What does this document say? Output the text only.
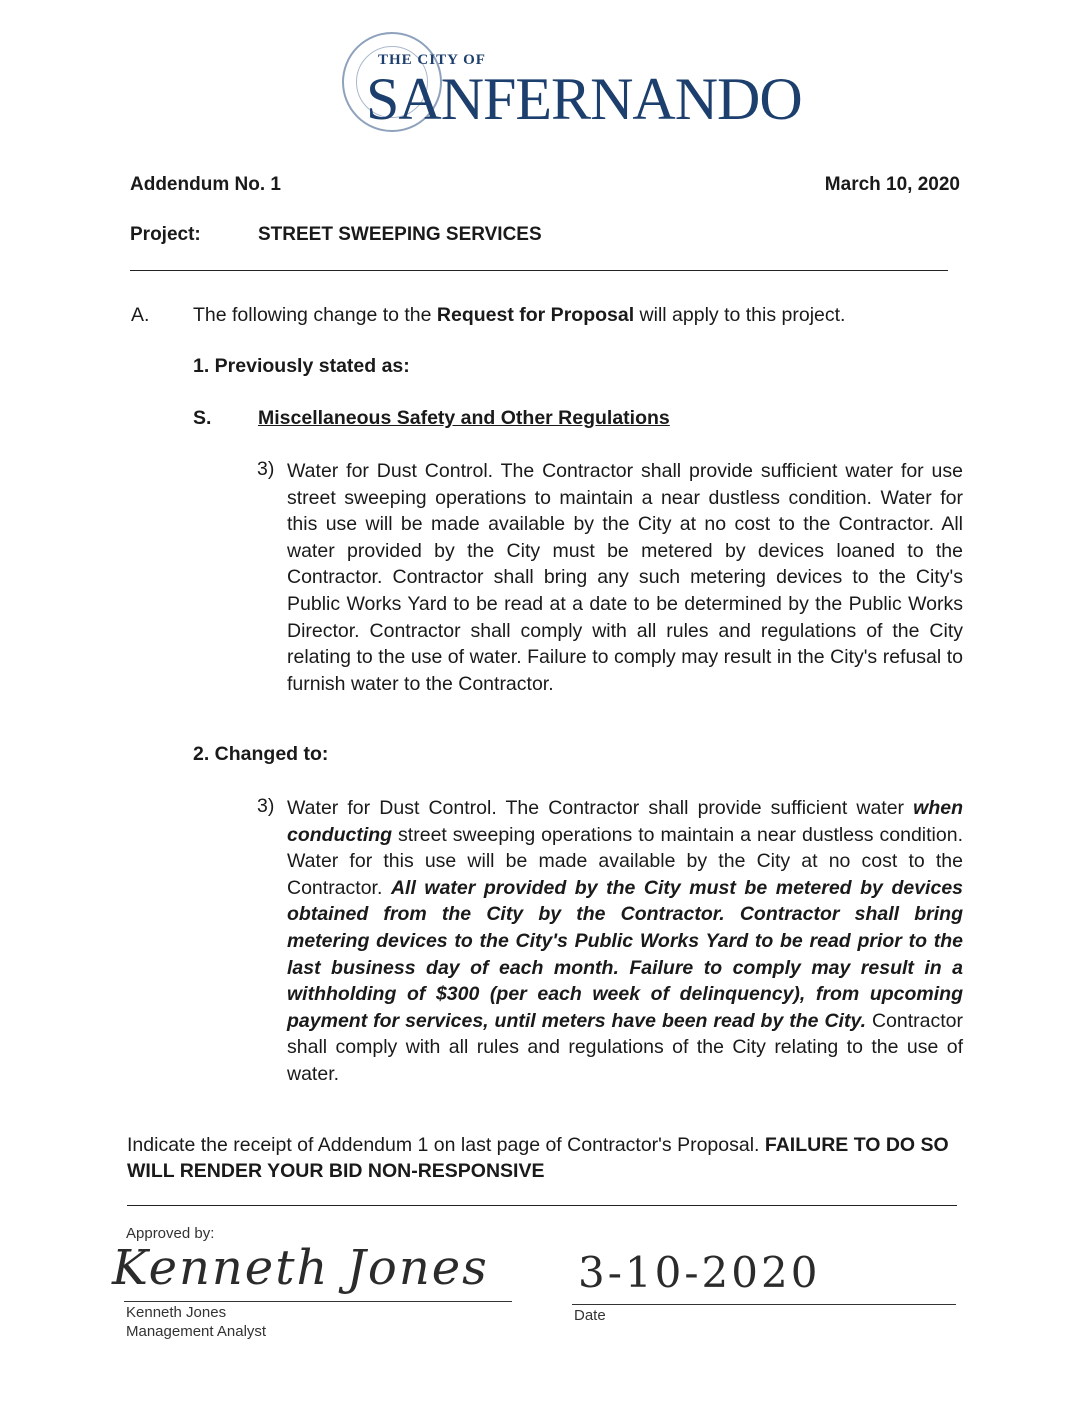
THE CITY OF
SANFERNANDO
Addendum No. 1	March 10, 2020
Project:	STREET SWEEPING SERVICES
A. The following change to the Request for Proposal will apply to this project.
1. Previously stated as:
S. Miscellaneous Safety and Other Regulations
3) Water for Dust Control. The Contractor shall provide sufficient water for use street sweeping operations to maintain a near dustless condition. Water for this use will be made available by the City at no cost to the Contractor. All water provided by the City must be metered by devices loaned to the Contractor. Contractor shall bring any such metering devices to the City's Public Works Yard to be read at a date to be determined by the Public Works Director. Contractor shall comply with all rules and regulations of the City relating to the use of water. Failure to comply may result in the City's refusal to furnish water to the Contractor.
2. Changed to:
3) Water for Dust Control. The Contractor shall provide sufficient water when conducting street sweeping operations to maintain a near dustless condition. Water for this use will be made available by the City at no cost to the Contractor. All water provided by the City must be metered by devices obtained from the City by the Contractor. Contractor shall bring metering devices to the City's Public Works Yard to be read prior to the last business day of each month. Failure to comply may result in a withholding of $300 (per each week of delinquency), from upcoming payment for services, until meters have been read by the City. Contractor shall comply with all rules and regulations of the City relating to the use of water.
Indicate the receipt of Addendum 1 on last page of Contractor's Proposal. FAILURE TO DO SO WILL RENDER YOUR BID NON-RESPONSIVE
Approved by:
Kenneth Jones
Kenneth Jones
Management Analyst
3-10-2020
Date
